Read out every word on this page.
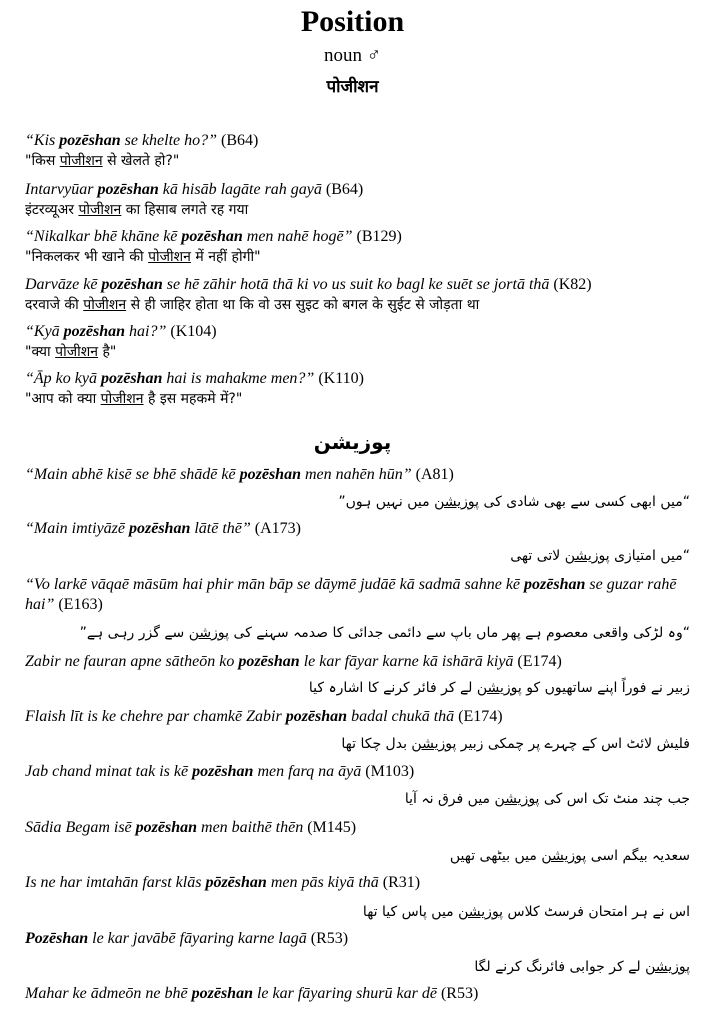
Position
noun ♂
पोजीशन

“Kis pozēshan se khelte ho?” (B64)

"किस पोजीशन से खेलते हो?"

Intarvyūar pozēshan kā hisāb lagāte rah gayā (B64)

इंटरव्यूअर पोजीशन का हिसाब लगते रह गया

“Nikalkar bhē khāne kē pozēshan men nahē hogē” (B129)

"निकलकर भी खाने की पोजीशन में नहीं होगी"

Darvāze kē pozēshan se hē zāhir hotā thā ki vo us suit ko bagl ke suēt se jortā thā (K82)

दरवाजे की पोजीशन से ही जाहिर होता था कि वो उस सुइट को बगल के सुईट से जोड़ता था

“Kyā pozēshan hai?” (K104)

"क्या पोजीशन है"

“Āp ko kyā pozēshan hai is mahakme men?” (K110)

"आप को क्या पोजीशन है इस महकमे में?"

پوزیشن

“Main abhē kisē se bhē shādē kē pozēshan men nahēn hūn” (A81)

“میں ابھی کسی سے بھی شادی کی پوزیشن میں نہیں ہوں”

“Main imtiyāzē pozēshan lātē thē” (A173)

“میں امتیازی پوزیشن لاتی تھی

“Vo larkē vāqaē māsūm hai phir mān bāp se dāymē judāē kā sadmā sahne kē pozēshan se guzar rahē hai” (E163)

“وہ لڑکی واقعی معصوم ہے پھر ماں باپ سے دائمی جدائی کا صدمہ سہنے کی پوزشن سے گزر رہی ہے”

Zabir ne fauran apne sātheōn ko pozēshan le kar fāyar karne kā ishārā kiyā (E174)

زبیر نے فوراً اپنے ساتھیوں کو پوزیشن لے کر فائر کرنے کا اشارہ کیا

Flaish līt is ke chehre par chamkē Zabir pozēshan badal chukā thā (E174)

فلیش لائٹ اس کے چہرے پر چمکی زبیر پوزیشن بدل چکا تھا

Jab chand minat tak is kē pozēshan men farq na āyā (M103)

جب چند منٹ تک اس کی پوزیشن میں فرق نہ آیا

Sādia Begam isē pozēshan men baithē thēn (M145)

سعدیہ بیگم اسی پوزیشن میں بیٹھی تھیں

Is ne har imtahān farst klās pōzēshan men pās kiyā thā (R31)

اس نے ہر امتحان فرسٹ کلاس پوزیشن میں پاس کیا تھا

Pozēshan le kar javābē fāyaring karne lagā (R53)

پوزیشن لے کر جوابی فائرنگ کرنے لگا

Mahar ke ādmeōn ne bhē pozēshan le kar fāyaring shurū kar dē (R53)
